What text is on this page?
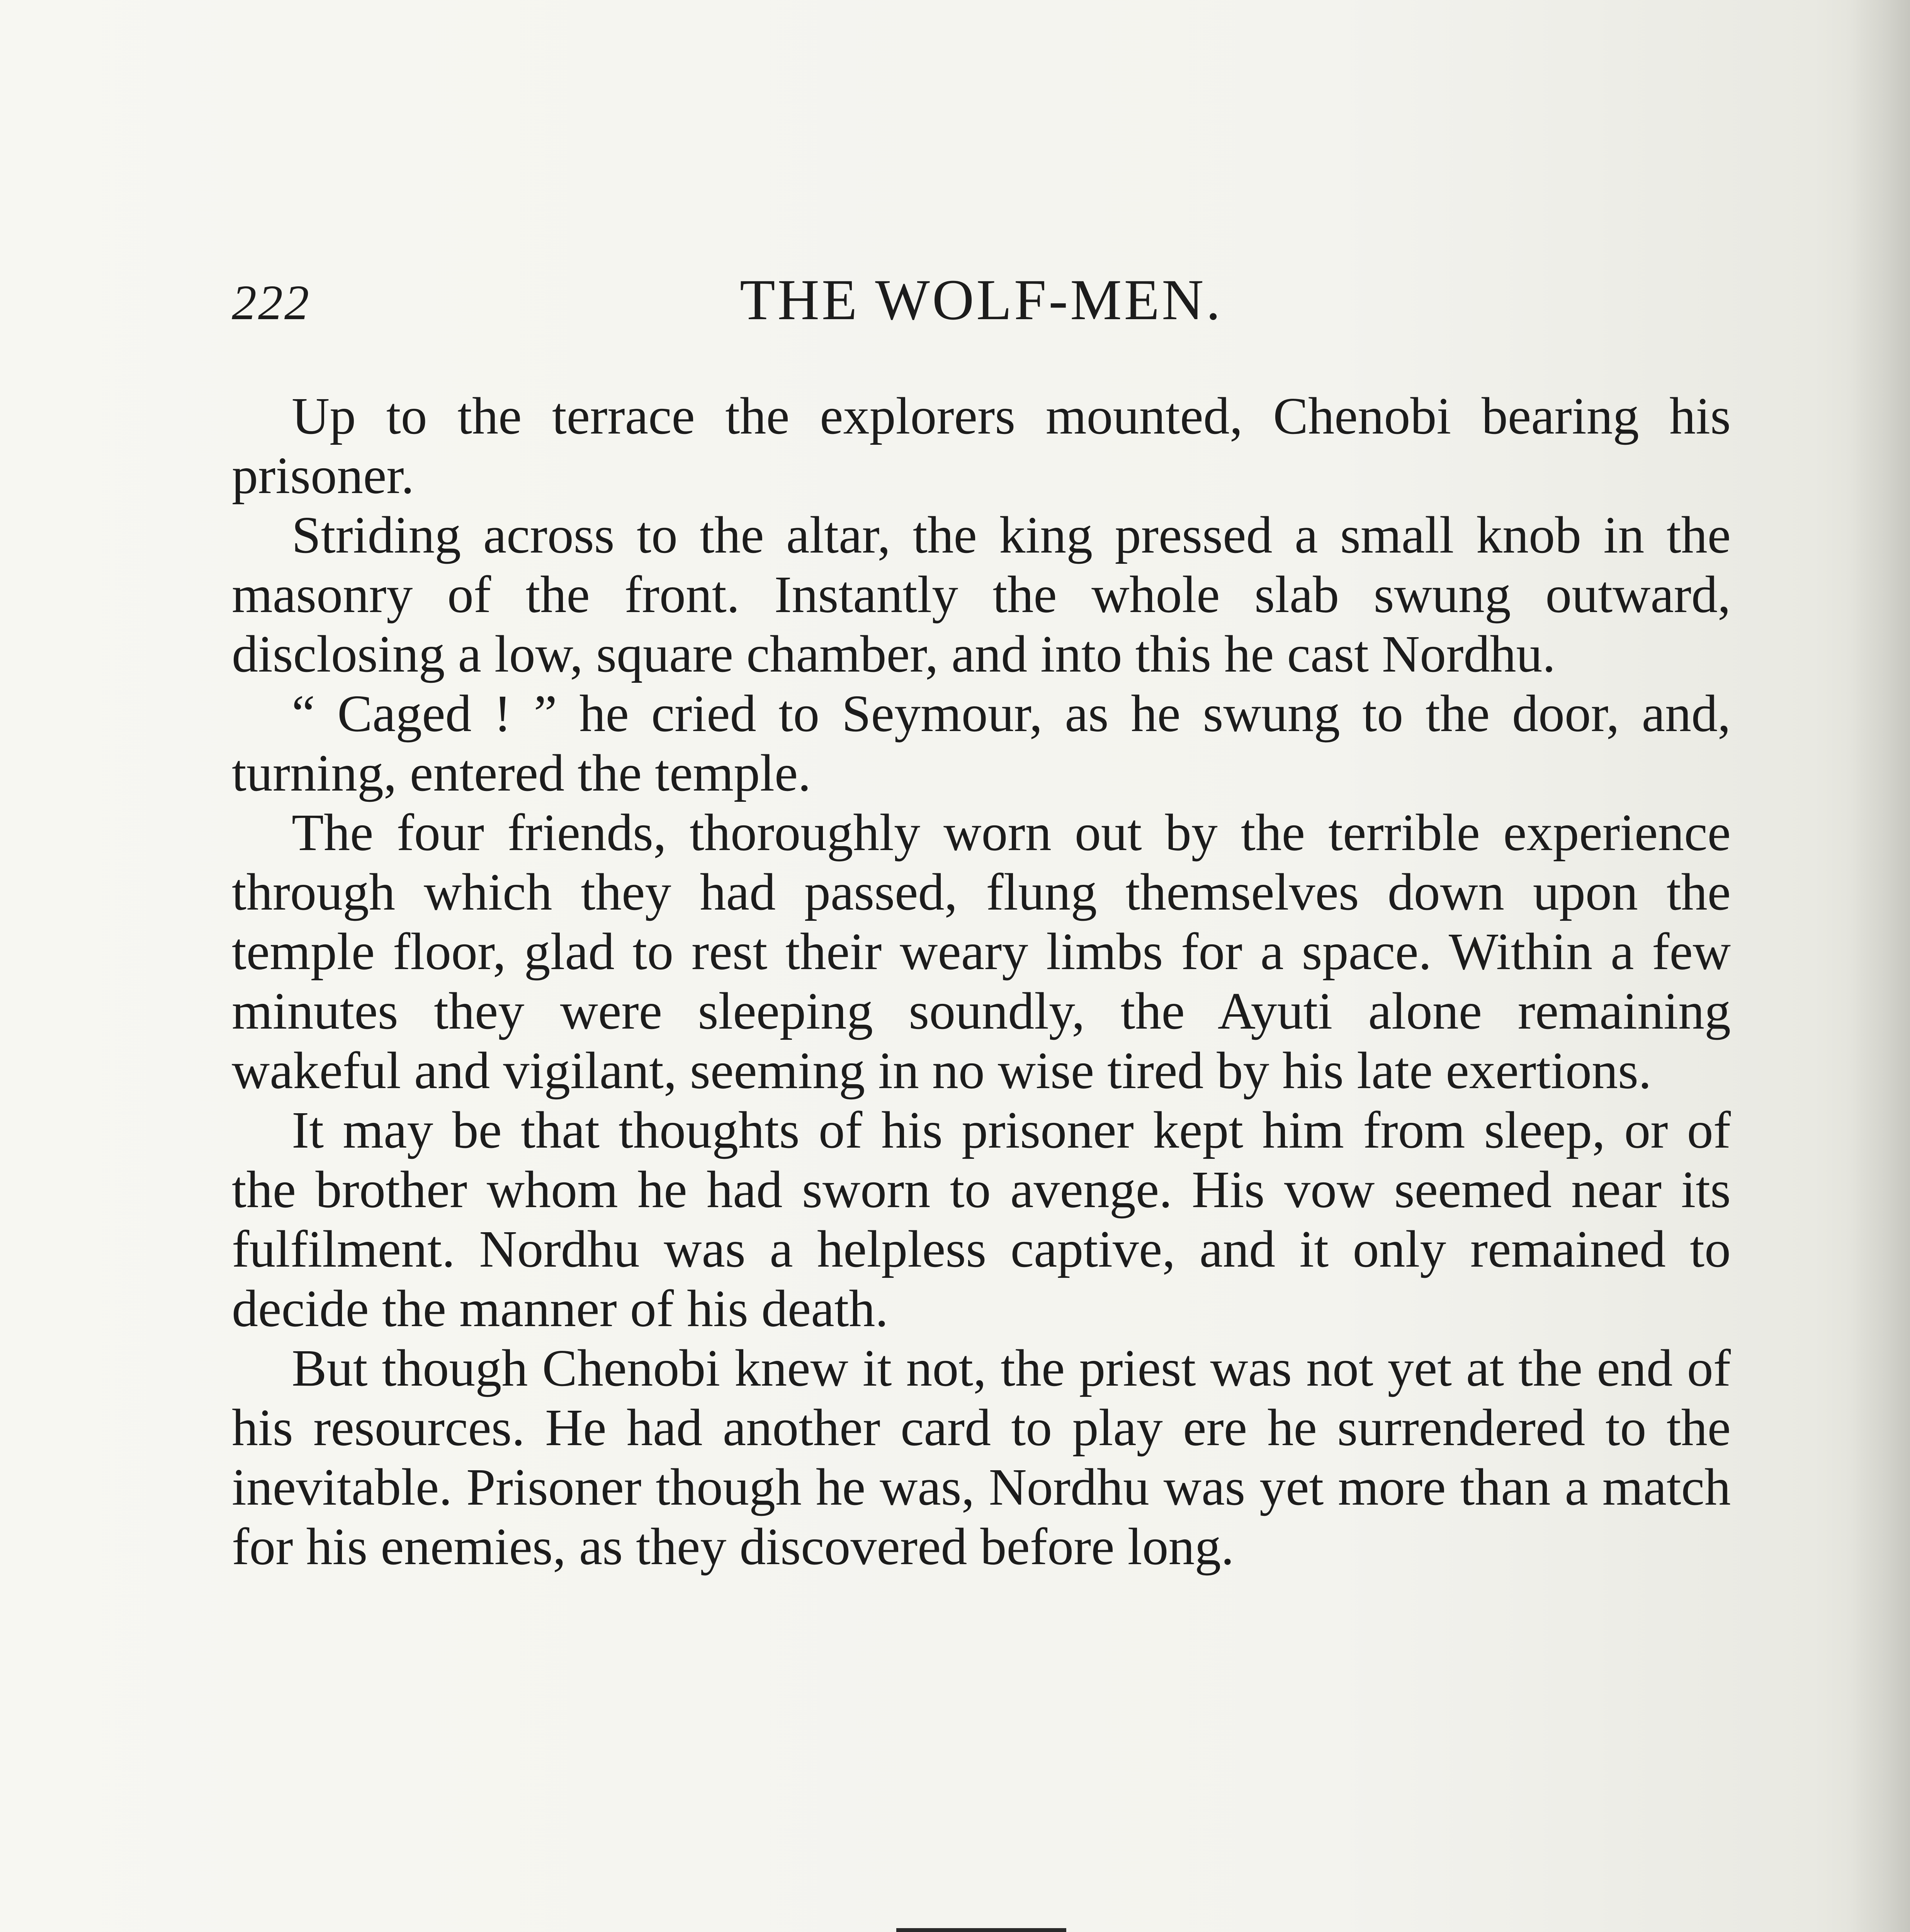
222	THE WOLF-MEN.

Up to the terrace the explorers mounted, Chenobi bearing his prisoner.

Striding across to the altar, the king pressed a small knob in the masonry of the front. Instantly the whole slab swung outward, disclosing a low, square chamber, and into this he cast Nordhu.

“ Caged ! ” he cried to Seymour, as he swung to the door, and, turning, entered the temple.

The four friends, thoroughly worn out by the terrible experience through which they had passed, flung themselves down upon the temple floor, glad to rest their weary limbs for a space. Within a few minutes they were sleeping soundly, the Ayuti alone remaining wakeful and vigilant, seeming in no wise tired by his late exertions.

It may be that thoughts of his prisoner kept him from sleep, or of the brother whom he had sworn to avenge. His vow seemed near its fulfilment. Nordhu was a helpless captive, and it only remained to decide the manner of his death.

But though Chenobi knew it not, the priest was not yet at the end of his resources. He had another card to play ere he surrendered to the inevitable. Prisoner though he was, Nordhu was yet more than a match for his enemies, as they discovered before long.
